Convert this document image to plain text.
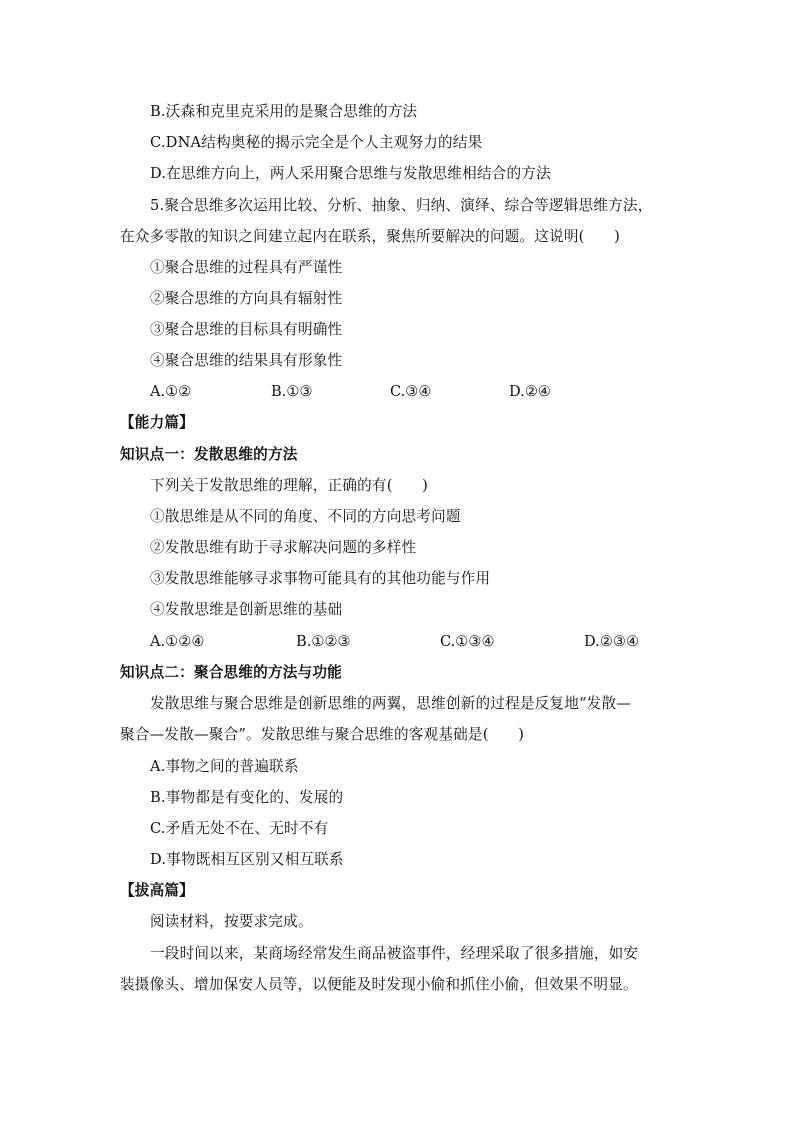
B.沃森和克里克采用的是聚合思维的方法
C.DNA结构奥秘的揭示完全是个人主观努力的结果
D.在思维方向上，两人采用聚合思维与发散思维相结合的方法
5.聚合思维多次运用比较、分析、抽象、归纳、演绎、综合等逻辑思维方法，
在众多零散的知识之间建立起内在联系，聚焦所要解决的问题。这说明(　　)
①聚合思维的过程具有严谨性
②聚合思维的方向具有辐射性
③聚合思维的目标具有明确性
④聚合思维的结果具有形象性
A.①②	B.①③	C.③④	D.②④
【能力篇】
知识点一：发散思维的方法
下列关于发散思维的理解，正确的有(　　)
①散思维是从不同的角度、不同的方向思考问题
②发散思维有助于寻求解决问题的多样性
③发散思维能够寻求事物可能具有的其他功能与作用
④发散思维是创新思维的基础
A.①②④	B.①②③	C.①③④	D.②③④
知识点二：聚合思维的方法与功能
发散思维与聚合思维是创新思维的两翼，思维创新的过程是反复地“发散—
聚合—发散—聚合”。发散思维与聚合思维的客观基础是(　　)
A.事物之间的普遍联系
B.事物都是有变化的、发展的
C.矛盾无处不在、无时不有
D.事物既相互区别又相互联系
【拔高篇】
阅读材料，按要求完成。
一段时间以来，某商场经常发生商品被盗事件，经理采取了很多措施，如安
装摄像头、增加保安人员等，以便能及时发现小偷和抓住小偷，但效果不明显。
